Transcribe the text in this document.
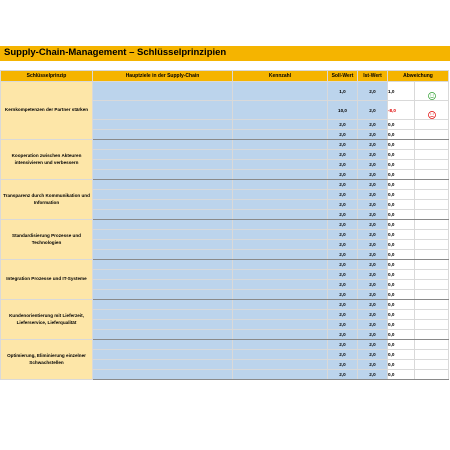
Supply-Chain-Management – Schlüsselprinzipien
Schlüsselprinzip	Hauptziele in der Supply-Chain	Kennzahl	Soll-Wert	Ist-Wert	Abweichung	
Kernkompetenzen der Partner stärken			1,0	2,0	1,0	
			10,0	2,0	-8,0	
			2,0	2,0	0,0	
			2,0	2,0	0,0	
Kooperation zwischen Akteuren intensivieren und verbessern			2,0	2,0	0,0	
			2,0	2,0	0,0	
			2,0	2,0	0,0	
			2,0	2,0	0,0	
Transparenz durch Kommunikation und Information			2,0	2,0	0,0	
			2,0	2,0	0,0	
			2,0	2,0	0,0	
			2,0	2,0	0,0	
Standardisierung Prozesse und Technologien			2,0	2,0	0,0	
			2,0	2,0	0,0	
			2,0	2,0	0,0	
			2,0	2,0	0,0	
Integration Prozesse und IT-Systeme			2,0	2,0	0,0	
			2,0	2,0	0,0	
			2,0	2,0	0,0	
			2,0	2,0	0,0	
Kundenorientierung mit Lieferzeit, Lieferservice, Lieferqualität			2,0	2,0	0,0	
			2,0	2,0	0,0	
			2,0	2,0	0,0	
			2,0	2,0	0,0	
Optimierung, Eliminierung einzelner Schwachstellen			2,0	2,0	0,0	
			2,0	2,0	0,0	
			2,0	2,0	0,0	
			2,0	2,0	0,0	
